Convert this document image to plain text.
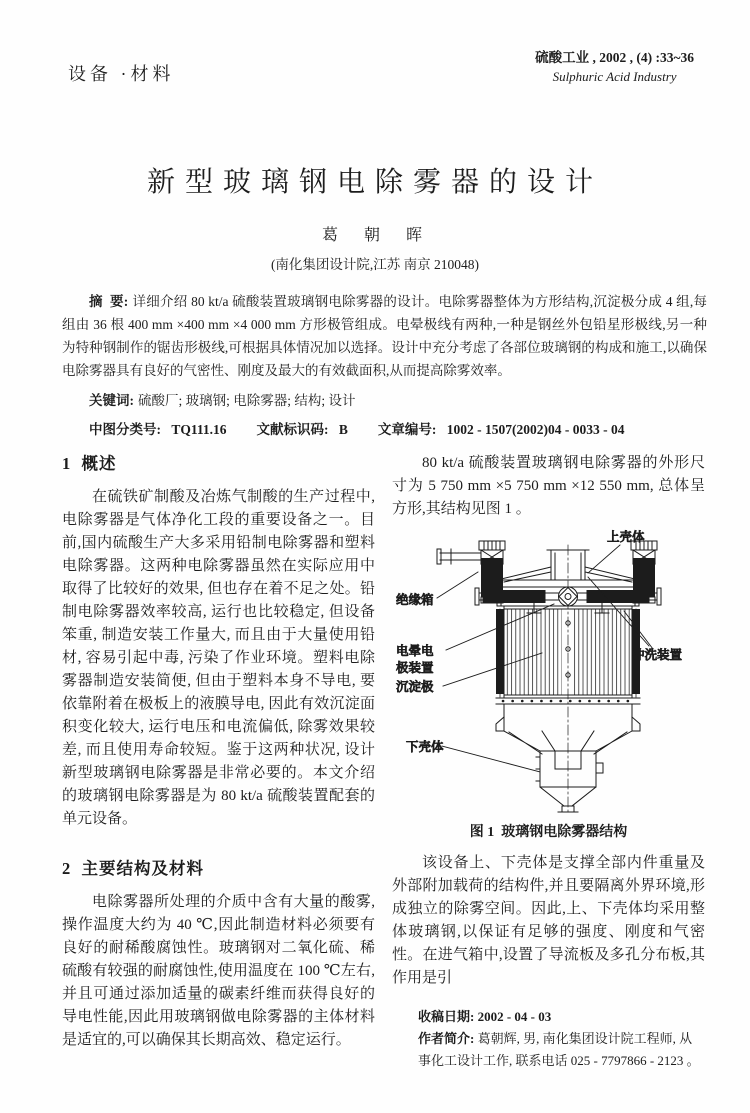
设备 ·材料
硫酸工业 , 2002 , (4) :33~36
Sulphuric Acid Industry
新型玻璃钢电除雾器的设计
葛  朝  晖
(南化集团设计院,江苏 南京 210048)

摘  要: 详细介绍 80 kt/a 硫酸装置玻璃钢电除雾器的设计。电除雾器整体为方形结构,沉淀极分成 4 组,每组由 36 根 400 mm ×400 mm ×4 000 mm 方形极管组成。电晕极线有两种,一种是钢丝外包铅星形极线,另一种为特种钢制作的锯齿形极线,可根据具体情况加以选择。设计中充分考虑了各部位玻璃钢的构成和施工,以确保电除雾器具有良好的气密性、刚度及最大的有效截面积,从而提高除雾效率。

关键词: 硫酸厂; 玻璃钢; 电除雾器; 结构; 设计

中图分类号: TQ111.16 文献标识码: B 文章编号: 1002 - 1507(2002)04 - 0033 - 04

1  概述

在硫铁矿制酸及冶炼气制酸的生产过程中,电除雾器是气体净化工段的重要设备之一。目前,国内硫酸生产大多采用铅制电除雾器和塑料电除雾器。这两种电除雾器虽然在实际应用中取得了比较好的效果, 但也存在着不足之处。铅制电除雾器效率较高, 运行也比较稳定, 但设备笨重, 制造安装工作量大, 而且由于大量使用铅材, 容易引起中毒, 污染了作业环境。塑料电除雾器制造安装简便, 但由于塑料本身不导电, 要依靠附着在极板上的液膜导电, 因此有效沉淀面积变化较大, 运行电压和电流偏低, 除雾效果较差, 而且使用寿命较短。鉴于这两种状况, 设计新型玻璃钢电除雾器是非常必要的。本文介绍的玻璃钢电除雾器是为 80 kt/a 硫酸装置配套的单元设备。

2  主要结构及材料

电除雾器所处理的介质中含有大量的酸雾,操作温度大约为 40 ℃,因此制造材料必须要有良好的耐稀酸腐蚀性。玻璃钢对二氧化硫、稀硫酸有较强的耐腐蚀性,使用温度在 100 ℃左右,并且可通过添加适量的碳素纤维而获得良好的导电性能,因此用玻璃钢做电除雾器的主体材料是适宜的,可以确保其长期高效、稳定运行。

80 kt/a 硫酸装置玻璃钢电除雾器的外形尺寸为 5 750 mm ×5 750 mm ×12 550 mm, 总体呈方形,其结构见图 1 。

上壳体
绝缘箱
电晕电
极装置
沉淀极
下壳体
冲洗装置

图 1  玻璃钢电除雾器结构

该设备上、下壳体是支撑全部内件重量及外部附加载荷的结构件,并且要隔离外界环境,形成独立的除雾空间。因此,上、下壳体均采用整体玻璃钢,以保证有足够的强度、刚度和气密性。在进气箱中,设置了导流板及多孔分布板,其作用是引

收稿日期: 2002 - 04 - 03

作者简介: 葛朝辉, 男, 南化集团设计院工程师, 从事化工设计工作, 联系电话 025 - 7797866 - 2123 。
